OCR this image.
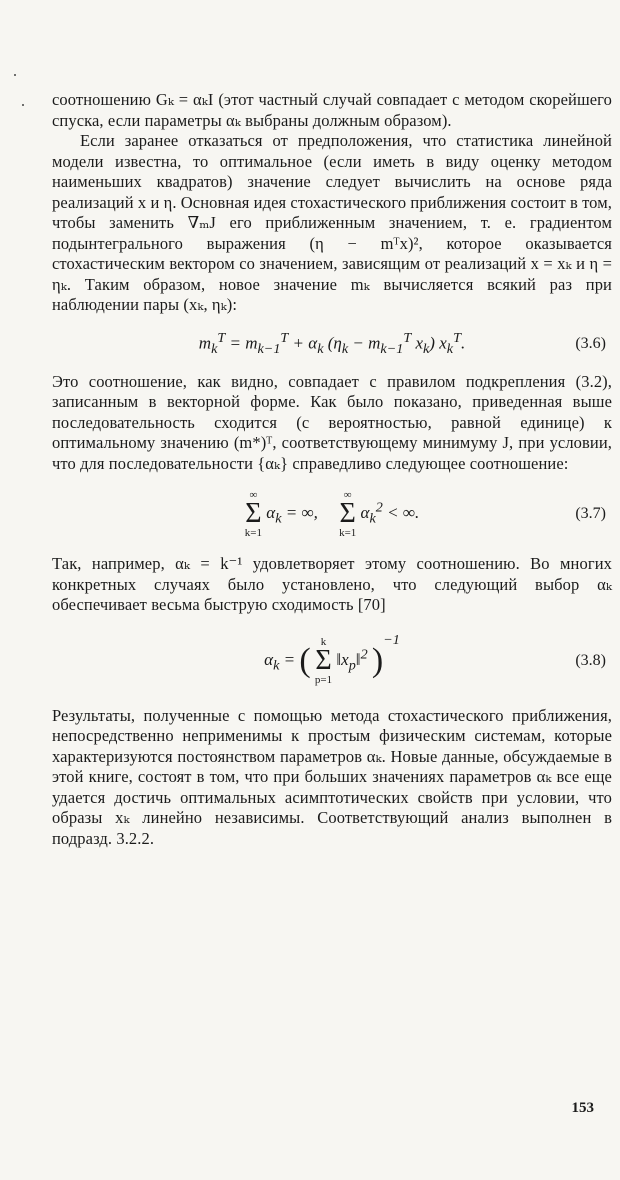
соотношению Gₖ = αₖI (этот частный случай совпадает с методом скорейшего спуска, если параметры αₖ выбраны должным образом).

Если заранее отказаться от предположения, что статистика линейной модели известна, то оптимальное (если иметь в виду оценку методом наименьших квадратов) значение следует вычислить на основе ряда реализаций x и η. Основная идея стохастического приближения состоит в том, чтобы заменить ∇ₘJ его приближенным значением, т. е. градиентом подынтегрального выражения (η − mᵀx)², которое оказывается стохастическим вектором со значением, зависящим от реализаций x = xₖ и η = ηₖ. Таким образом, новое значение mₖ вычисляется всякий раз при наблюдении пары (xₖ, ηₖ):

$m_k^T = m_{k-1}^T + \alpha_k$ ($\eta_k - m_{k-1}^T$ $x_k$) $x_k^T$.	(3.6)

Это соотношение, как видно, совпадает с правилом подкрепления (3.2), записанным в векторной форме. Как было показано, приведенная выше последовательность сходится (с вероятностью, равной единице) к оптимальному значению (m*)ᵀ, соответствующему минимуму J, при условии, что для последовательности {αₖ} справедливо следующее соотношение:

∞
Σ
k=1
$\alpha_k$ = ∞,
∞
Σ
k=1
$\alpha_k^2$ < ∞.	(3.7)

Так, например, αₖ = k⁻¹ удовлетворяет этому соотношению. Во многих конкретных случаях было установлено, что следующий выбор αₖ обеспечивает весьма быструю сходимость [70]

$\alpha_k$ = ( k
Σ
p=1
$‖x_p‖^2$ )$^{-1}$
(3.8)

Результаты, полученные с помощью метода стохастического приближения, непосредственно неприменимы к простым физическим системам, которые характеризуются постоянством параметров αₖ. Новые данные, обсуждаемые в этой книге, состоят в том, что при больших значениях параметров αₖ все еще удается достичь оптимальных асимптотических свойств при условии, что образы xₖ линейно независимы. Соответствующий анализ выполнен в подразд. 3.2.2.

153
